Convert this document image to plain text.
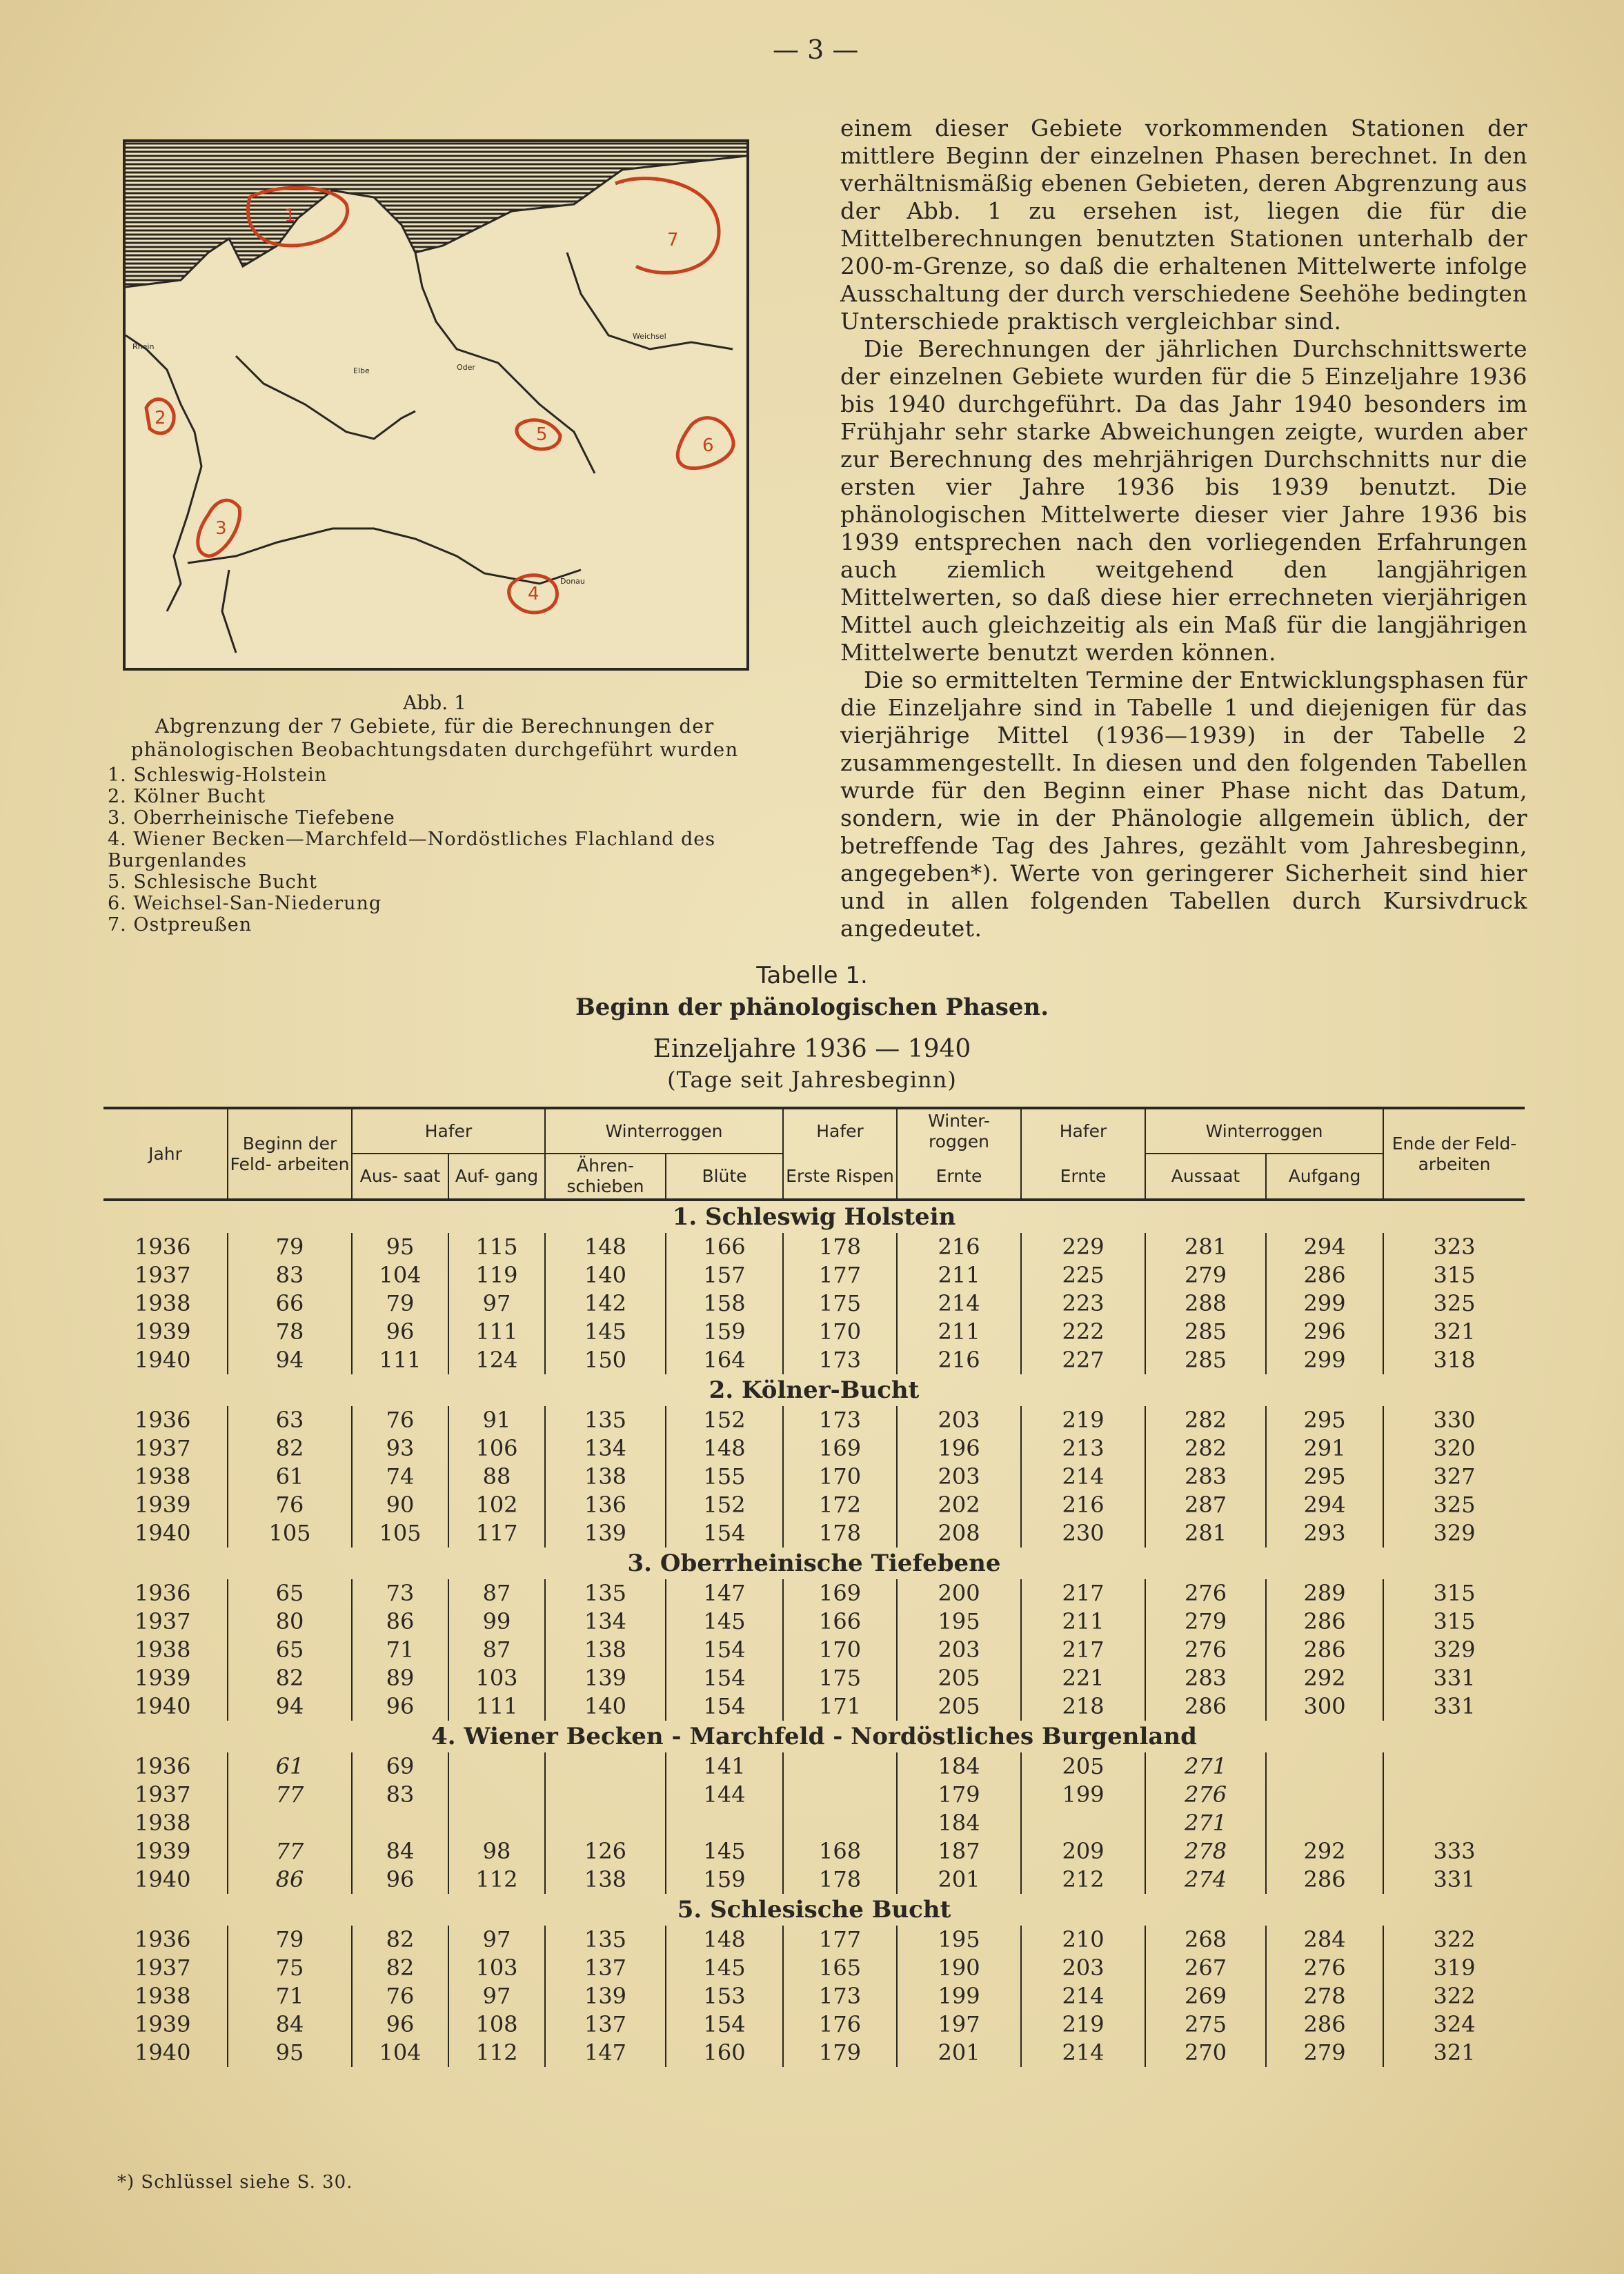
— 3 —
1
2
3
4
5
6
7
Rhein
Elbe	Oder
Weichsel
Donau
Abb. 1
Abgrenzung der 7 Gebiete, für die Berechnungen der phänologischen Beobachtungsdaten durchgeführt wurden
1. Schleswig-Holstein
2. Kölner Bucht
3. Oberrheinische Tiefebene
4. Wiener Becken—Marchfeld—Nordöstliches Flachland des Burgenlandes
5. Schlesische Bucht
6. Weichsel-San-Niederung
7. Ostpreußen

einem dieser Gebiete vorkommenden Stationen der mittlere Beginn der einzelnen Phasen berechnet. In den verhältnismäßig ebenen Gebieten, deren Abgrenzung aus der Abb. 1 zu ersehen ist, liegen die für die Mittelberechnungen benutzten Stationen unterhalb der 200-m-Grenze, so daß die erhaltenen Mittelwerte infolge Ausschaltung der durch verschiedene Seehöhe bedingten Unterschiede praktisch vergleichbar sind.

Die Berechnungen der jährlichen Durchschnittswerte der einzelnen Gebiete wurden für die 5 Einzeljahre 1936 bis 1940 durchgeführt. Da das Jahr 1940 besonders im Frühjahr sehr starke Abweichungen zeigte, wurden aber zur Berechnung des mehrjährigen Durchschnitts nur die ersten vier Jahre 1936 bis 1939 benutzt. Die phänologischen Mittelwerte dieser vier Jahre 1936 bis 1939 entsprechen nach den vorliegenden Erfahrungen auch ziemlich weitgehend den langjährigen Mittelwerten, so daß diese hier errechneten vierjährigen Mittel auch gleichzeitig als ein Maß für die langjährigen Mittelwerte benutzt werden können.

Die so ermittelten Termine der Entwicklungsphasen für die Einzeljahre sind in Tabelle 1 und diejenigen für das vierjährige Mittel (1936—1939) in der Tabelle 2 zusammengestellt. In diesen und den folgenden Tabellen wurde für den Beginn einer Phase nicht das Datum, sondern, wie in der Phänologie allgemein üblich, der betreffende Tag des Jahres, gezählt vom Jahresbeginn, angegeben*). Werte von geringerer Sicherheit sind hier und in allen folgenden Tabellen durch Kursivdruck angedeutet.

Tabelle 1.
Beginn der phänologischen Phasen.
Einzeljahre 1936 — 1940
(Tage seit Jahresbeginn)
Jahr	Beginn der Feld- arbeiten	Hafer		Winterroggen		Hafer	Winter- roggen	Hafer	Winterroggen		Ende der Feld- arbeiten
		Aus- saat	Auf- gang	Ähren- schieben	Blüte	Erste Rispen	Ernte	Ernte	Aussaat	Aufgang	
1. Schleswig Holstein											
1936	79	95	115	148	166	178	216	229	281	294	323
1937	83	104	119	140	157	177	211	225	279	286	315
1938	66	79	97	142	158	175	214	223	288	299	325
1939	78	96	111	145	159	170	211	222	285	296	321
1940	94	111	124	150	164	173	216	227	285	299	318
2. Kölner-Bucht											
1936	63	76	91	135	152	173	203	219	282	295	330
1937	82	93	106	134	148	169	196	213	282	291	320
1938	61	74	88	138	155	170	203	214	283	295	327
1939	76	90	102	136	152	172	202	216	287	294	325
1940	105	105	117	139	154	178	208	230	281	293	329
3. Oberrheinische Tiefebene											
1936	65	73	87	135	147	169	200	217	276	289	315
1937	80	86	99	134	145	166	195	211	279	286	315
1938	65	71	87	138	154	170	203	217	276	286	329
1939	82	89	103	139	154	175	205	221	283	292	331
1940	94	96	111	140	154	171	205	218	286	300	331
4. Wiener Becken - Marchfeld - Nordöstliches Burgenland											
1936	61	69			141		184	205	271		
1937	77	83			144		179	199	276		
1938							184		271		
1939	77	84	98	126	145	168	187	209	278	292	333
1940	86	96	112	138	159	178	201	212	274	286	331
5. Schlesische Bucht											
1936	79	82	97	135	148	177	195	210	268	284	322
1937	75	82	103	137	145	165	190	203	267	276	319
1938	71	76	97	139	153	173	199	214	269	278	322
1939	84	96	108	137	154	176	197	219	275	286	324
1940	95	104	112	147	160	179	201	214	270	279	321
*) Schlüssel siehe S. 30.
